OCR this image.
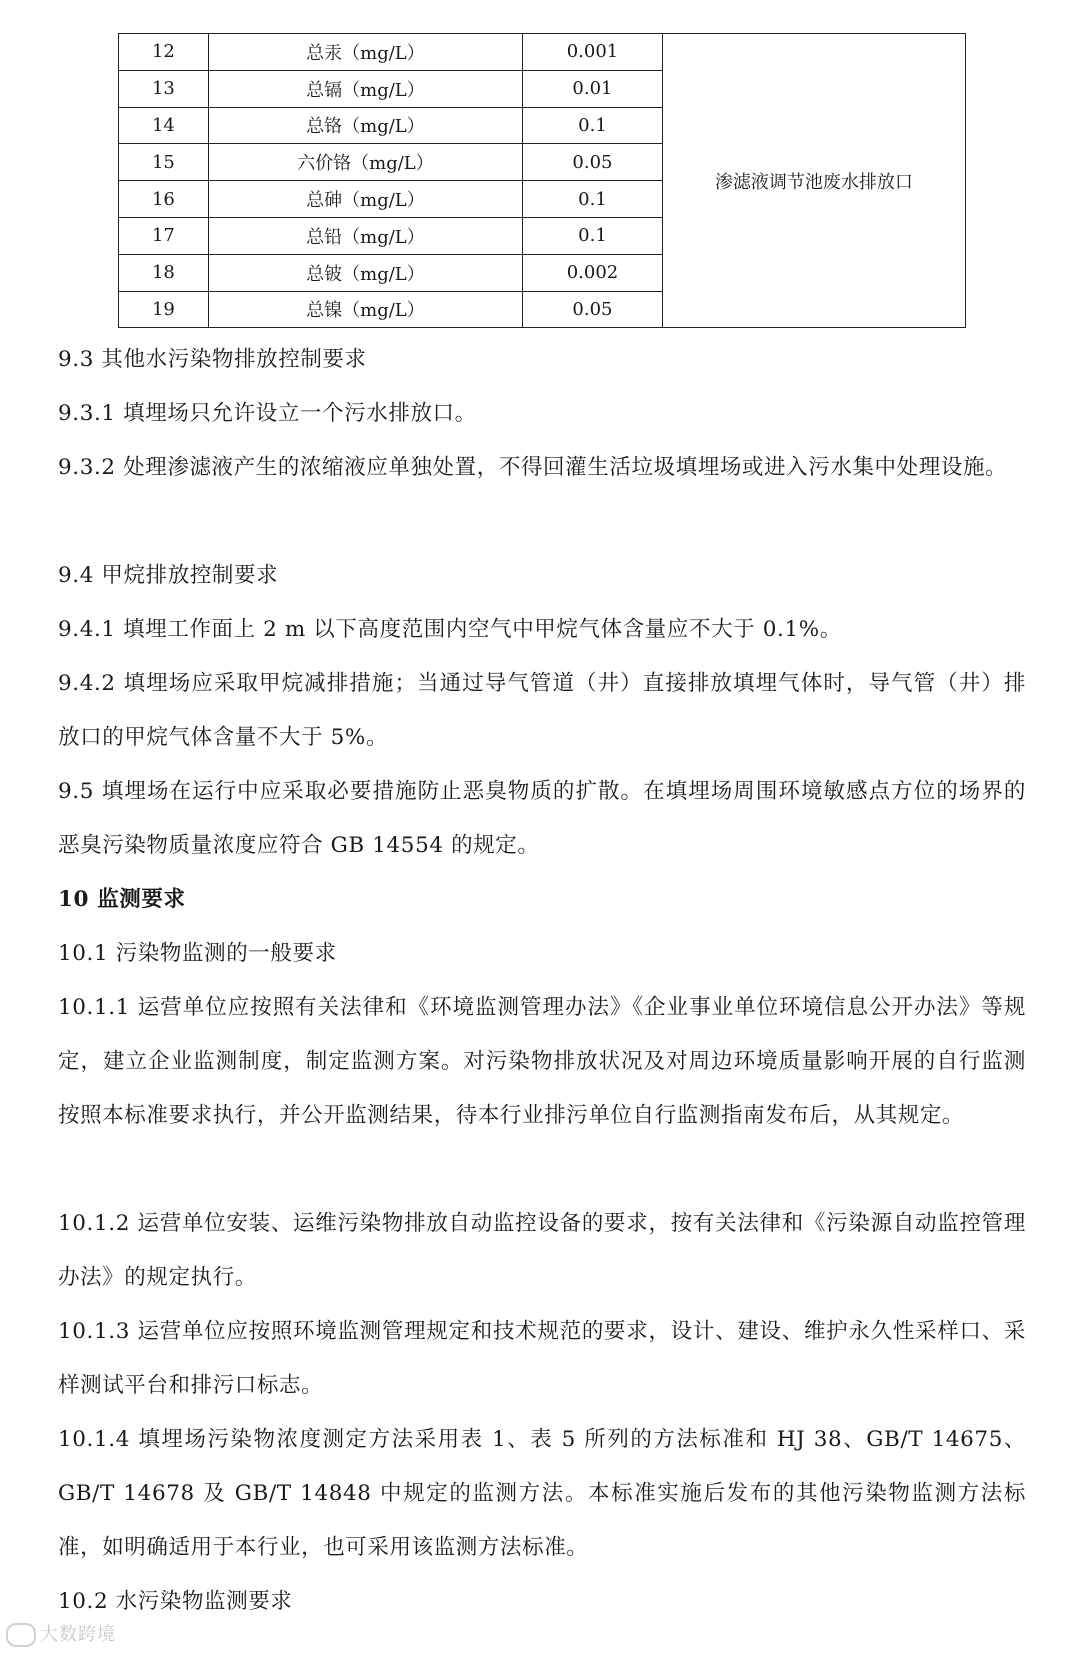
12	总汞（mg/L）	0.001	渗滤液调节池废水排放口
13	总镉（mg/L）	0.01	
14	总铬（mg/L）	0.1	
15	六价铬（mg/L）	0.05	
16	总砷（mg/L）	0.1	
17	总铅（mg/L）	0.1	
18	总铍（mg/L）	0.002	
19	总镍（mg/L）	0.05	
9.3 其他水污染物排放控制要求
9.3.1 填埋场只允许设立一个污水排放口。
9.3.2 处理渗滤液产生的浓缩液应单独处置，不得回灌生活垃圾填埋场或进入污水集中处理设施。
9.4 甲烷排放控制要求
9.4.1 填埋工作面上 2 m 以下高度范围内空气中甲烷气体含量应不大于 0.1%。
9.4.2 填埋场应采取甲烷减排措施；当通过导气管道（井）直接排放填埋气体时，导气管（井）排放口的甲烷气体含量不大于 5%。
9.5 填埋场在运行中应采取必要措施防止恶臭物质的扩散。在填埋场周围环境敏感点方位的场界的恶臭污染物质量浓度应符合 GB 14554 的规定。
10 监测要求
10.1 污染物监测的一般要求
10.1.1 运营单位应按照有关法律和《环境监测管理办法》《企业事业单位环境信息公开办法》等规定，建立企业监测制度，制定监测方案。对污染物排放状况及对周边环境质量影响开展的自行监测按照本标准要求执行，并公开监测结果，待本行业排污单位自行监测指南发布后，从其规定。
10.1.2 运营单位安装、运维污染物排放自动监控设备的要求，按有关法律和《污染源自动监控管理办法》的规定执行。
10.1.3 运营单位应按照环境监测管理规定和技术规范的要求，设计、建设、维护永久性采样口、采样测试平台和排污口标志。
10.1.4 填埋场污染物浓度测定方法采用表 1、表 5 所列的方法标准和 HJ 38、GB/T 14675、GB/T 14678 及 GB/T 14848 中规定的监测方法。本标准实施后发布的其他污染物监测方法标准，如明确适用于本行业，也可采用该监测方法标准。
10.2 水污染物监测要求
大数跨境
